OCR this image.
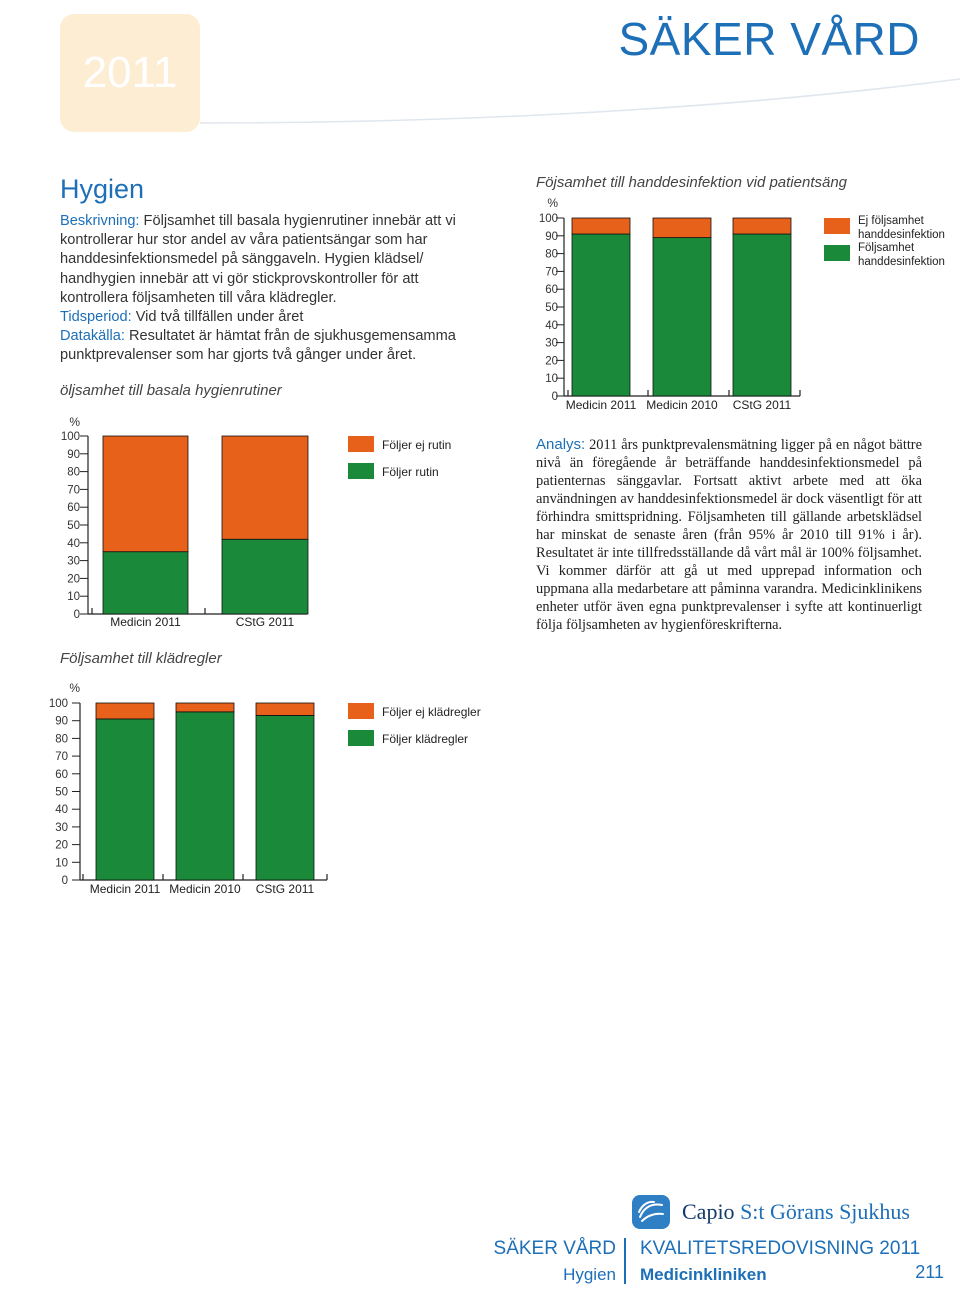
2011
SÄKER VÅRD
Hygien
Beskrivning: Följsamhet till basala hygienrutiner innebär att vi kontrollerar hur stor andel av våra patientsängar som har handdesinfektionsmedel på sänggaveln. Hygien klädsel/ handhygien innebär att vi gör stickprovskontroller för att kontrollera följsamheten till våra klädregler.
Tidsperiod: Vid två tillfällen under året
Datakälla: Resultatet är hämtat från de sjukhusgemensamma punktprevalenser som har gjorts två gånger under året.
öljsamhet till basala hygienrutiner
Följsamhet till klädregler
Föjsamhet till handdesinfektion vid patientsäng
%
0
10
20
30
40
50
60
70
80
90
100
Medicin 2011	CStG 2011
Följer ej rutin
Följer rutin
%
0
10
20
30
40
50
60
70
80
90
100
Medicin 2011 Medicin 2010 CStG 2011
Följer ej klädregler
Följer klädregler
%
0
10
20
30
40
50
60
70
80
90
100
Medicin 2011 Medicin 2010 CStG 2011
Ej följsamhet
handdesinfektion
Följsamhet
handdesinfektion
Analys: 2011 års punktprevalensmätning ligger på en något bättre nivå än föregående år beträffande handdesinfektionsmedel på patienternas sänggavlar. Fortsatt aktivt arbete med att öka användningen av handdesinfektionsmedel är dock väsentligt för att förhindra smittspridning. Följsamheten till gällande arbetsklädsel har minskat de senaste åren (från 95% år 2010 till 91% i år). Resultatet är inte tillfredsställande då vårt mål är 100% följsamhet. Vi kommer därför att gå ut med upprepad information och uppmana alla medarbetare att påminna varandra. Medicinklinikens enheter utför även egna punktprevalenser i syfte att kontinuerligt följa följsamheten av hygienföreskrifterna.
Capio S:t Görans Sjukhus
SÄKER VÅRD
Hygien
KVALITETSREDOVISNING 2011
Medicinkliniken	211
